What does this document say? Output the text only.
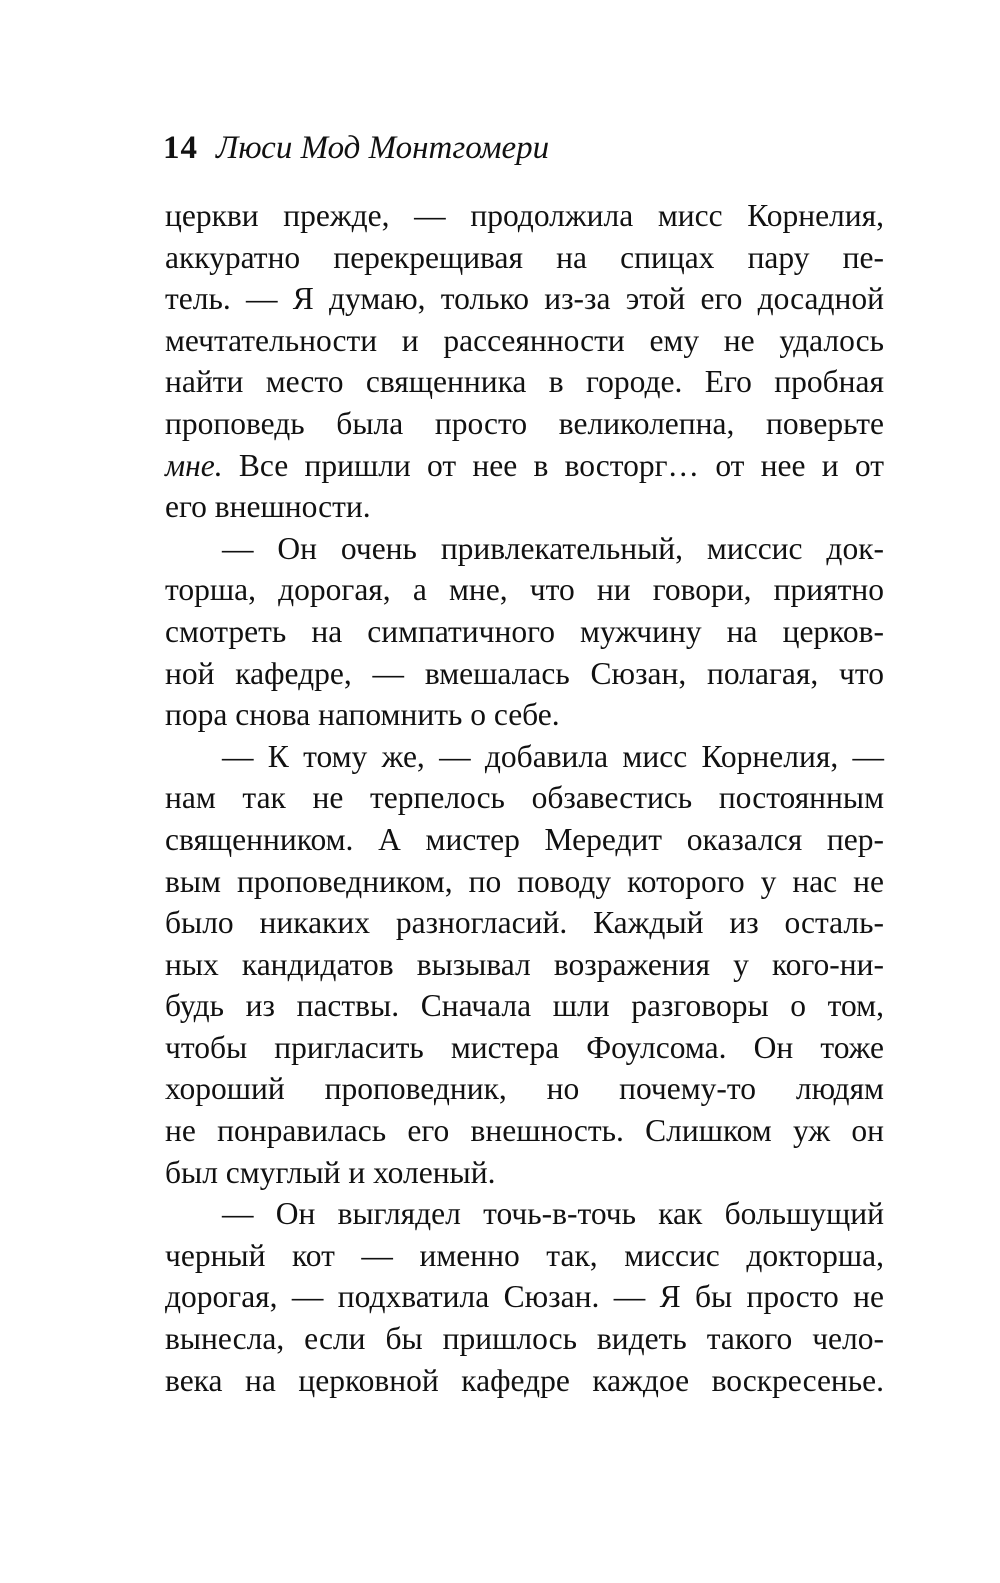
14 Люси Мод Монтгомери
церкви прежде, — продолжила мисс Корнелия,
аккуратно перекрещивая на спицах пару пе-
тель. — Я думаю, только из-за этой его досадной
мечтательности и рассеянности ему не удалось
найти место священника в городе. Его пробная
проповедь была просто великолепна, поверьте
мне. Все пришли от нее в восторг… от нее и от
его внешности.
— Он очень привлекательный, миссис док-
торша, дорогая, а мне, что ни говори, приятно
смотреть на симпатичного мужчину на церков-
ной кафедре, — вмешалась Сюзан, полагая, что
пора снова напомнить о себе.
— К тому же, — добавила мисс Корнелия, —
нам так не терпелось обзавестись постоянным
священником. А мистер Мередит оказался пер-
вым проповедником, по поводу которого у нас не
было никаких разногласий. Каждый из осталь-
ных кандидатов вызывал возражения у кого-ни-
будь из паствы. Сначала шли разговоры о том,
чтобы пригласить мистера Фоулсома. Он тоже
хороший проповедник, но почему-то людям
не понравилась его внешность. Слишком уж он
был смуглый и холеный.
— Он выглядел точь-в-точь как большущий
черный кот — именно так, миссис докторша,
дорогая, — подхватила Сюзан. — Я бы просто не
вынесла, если бы пришлось видеть такого чело-
века на церковной кафедре каждое воскресенье.
